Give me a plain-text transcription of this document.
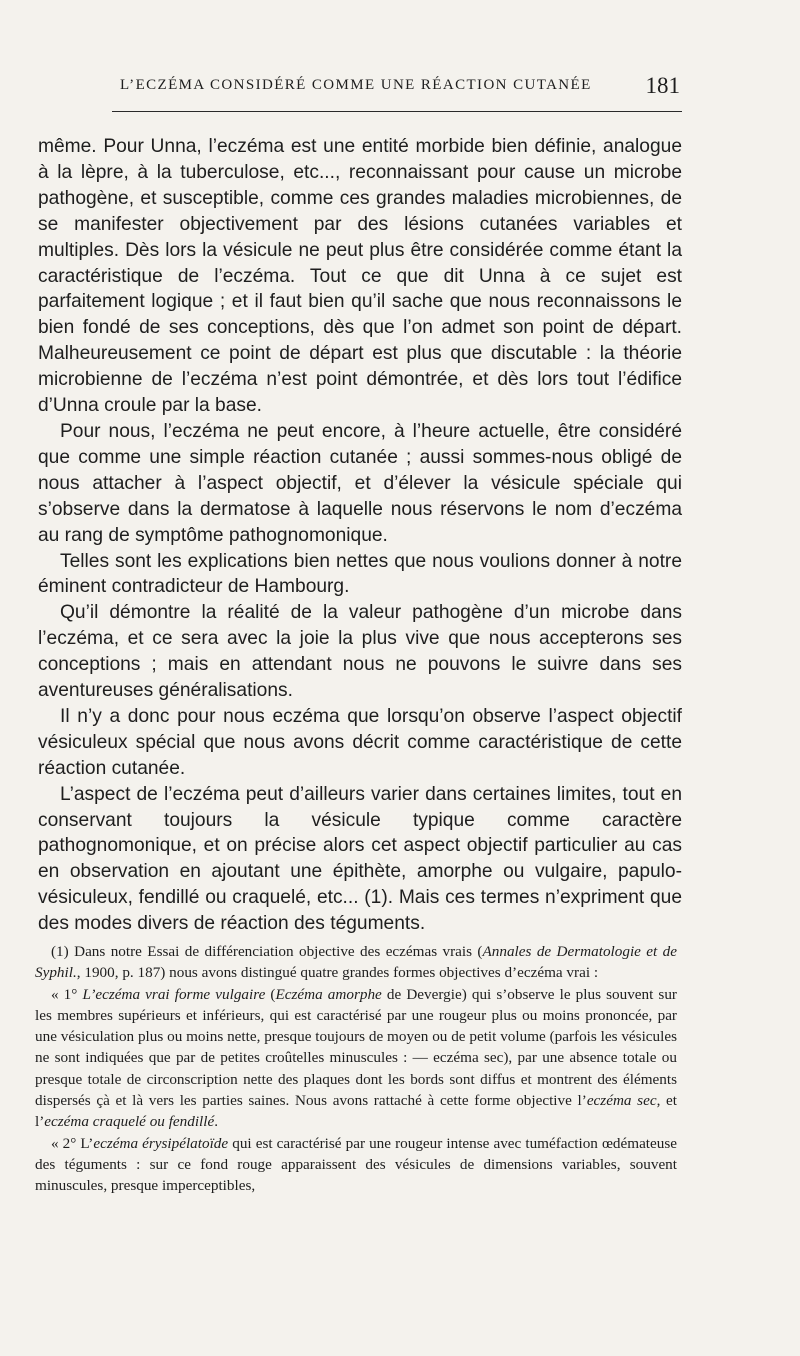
L’ECZÉMA CONSIDÉRÉ COMME UNE RÉACTION CUTANÉE 181

même. Pour Unna, l’eczéma est une entité morbide bien définie, analogue à la lèpre, à la tuberculose, etc..., reconnaissant pour cause un microbe pathogène, et susceptible, comme ces grandes maladies microbiennes, de se manifester objectivement par des lésions cutanées variables et multiples. Dès lors la vésicule ne peut plus être considérée comme étant la caractéristique de l’eczéma. Tout ce que dit Unna à ce sujet est parfaitement logique ; et il faut bien qu’il sache que nous reconnaissons le bien fondé de ses conceptions, dès que l’on admet son point de départ. Malheureusement ce point de départ est plus que discutable : la théorie microbienne de l’eczéma n’est point démontrée, et dès lors tout l’édifice d’Unna croule par la base.

Pour nous, l’eczéma ne peut encore, à l’heure actuelle, être considéré que comme une simple réaction cutanée ; aussi sommes-nous obligé de nous attacher à l’aspect objectif, et d’élever la vésicule spéciale qui s’observe dans la dermatose à laquelle nous réservons le nom d’eczéma au rang de symptôme pathognomonique.

Telles sont les explications bien nettes que nous voulions donner à notre éminent contradicteur de Hambourg.

Qu’il démontre la réalité de la valeur pathogène d’un microbe dans l’eczéma, et ce sera avec la joie la plus vive que nous accepterons ses conceptions ; mais en attendant nous ne pouvons le suivre dans ses aventureuses généralisations.

Il n’y a donc pour nous eczéma que lorsqu’on observe l’aspect objectif vésiculeux spécial que nous avons décrit comme caractéristique de cette réaction cutanée.

L’aspect de l’eczéma peut d’ailleurs varier dans certaines limites, tout en conservant toujours la vésicule typique comme caractère pathognomonique, et on précise alors cet aspect objectif particulier au cas en observation en ajoutant une épithète, amorphe ou vulgaire, papulo-vésiculeux, fendillé ou craquelé, etc... (1). Mais ces termes n’expriment que des modes divers de réaction des téguments.

(1) Dans notre Essai de différenciation objective des eczémas vrais (Annales de Dermatologie et de Syphil., 1900, p. 187) nous avons distingué quatre grandes formes objectives d’eczéma vrai :

« 1° L’eczéma vrai forme vulgaire (Eczéma amorphe de Devergie) qui s’observe le plus souvent sur les membres supérieurs et inférieurs, qui est caractérisé par une rougeur plus ou moins prononcée, par une vésiculation plus ou moins nette, presque toujours de moyen ou de petit volume (parfois les vésicules ne sont indiquées que par de petites croûtelles minuscules : — eczéma sec), par une absence totale ou presque totale de circonscription nette des plaques dont les bords sont diffus et montrent des éléments dispersés çà et là vers les parties saines. Nous avons rattaché à cette forme objective l’eczéma sec, et l’eczéma craquelé ou fendillé.

« 2° L’eczéma érysipélatoïde qui est caractérisé par une rougeur intense avec tuméfaction œdémateuse des téguments : sur ce fond rouge apparaissent des vésicules de dimensions variables, souvent minuscules, presque imperceptibles,
